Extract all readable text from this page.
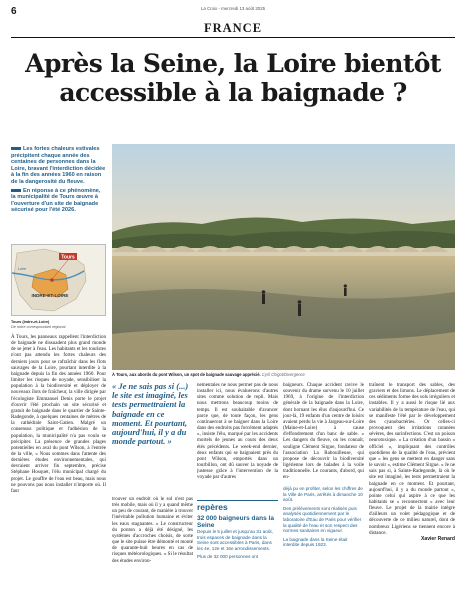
6	La Croix - mercredi 13 août 2025
FRANCE
Après la Seine, la Loire bientôt accessible à la baignade ?

Les fortes chaleurs estivales précipitent chaque année des centaines de personnes dans la Loire, bravant l'interdiction décidée à la fin des années 1960 en raison de la dangerosité du fleuve.

En réponse à ce phénomène, la municipalité de Tours œuvre à l'ouverture d'un site de baignade sécurisé pour l'été 2026.

Tours
INDRE-ET-LOIRE
Loire
Tours (Indre-et-Loire)
De notre correspondant régional
À Tours, aux abords du pont Wilson, un spot de baignade sauvage apprécié. Cyril Chigot/Divergence

À Tours, les panneaux rappellent l'interdiction de baignade ne dissuadent plus grand monde de se jeter à l'eau. Les habitants et les touristes n'ont pas attendu les fortes chaleurs des derniers jours pour se rafraîchir dans les flots sauvages de la Loire, pourtant interdite à la baignade depuis la fin des années 1960. Pour limiter les risques de noyade, sensibiliser la population à la biodiversité et déployer de nouveaux îlots de fraîcheur, la ville dirigée par l'écologiste Emmanuel Denis porte le projet d'ouvrir l'été prochain un site sécurisé et gratuit de baignade dans le quartier de Sainte-Radegonde, à quelques centaines de mètres de la cathédrale Saint-Gatien. Malgré un consensus politique et l'adhésion de la population, la municipalité n'a pas voulu se précipiter. La présence de grandes plages potentielles en aval du pont Wilson, à l'entrée de la ville, « Nous sommes dans l'attente des dernières études environnementales, qui devraient arriver fin septembre, précise Stéphane Hosquet, l'élu municipal chargé du projet. Le gouffre de l'eau est beau, mais nous ne pouvons pas nous installer n'importe où. Il faut

« Je ne sais pas si (...) le site est imaginé, les tests permettraient la baignade en ce moment. Et pourtant, aujourd'hui, il y a du monde partout. »

trouver un endroit où le sol n'est pas très mobile, mais où il y a quand même un peu de courant, de manière à trouver l'inévitable pollution humaine et éviter les eaux stagnantes. » Le constructeur du ponton a déjà été désigné, les systèmes d'accroches choisis, de sorte que le site puisse être démonté et monté de quarante-huit heures en cas de risques météorologiques. « Si le résultat des études environ-

nementales ne nous permet pas de nous installer ici, nous évaluerons d'autres sites comme solution de repli. Mais nous mettrons beaucoup moins de temps. Il est souhaitable d'avancer parce que, de toute façon, les gens continueront à se baigner dans la Loire dans des endroits pas forcément adaptés », insiste l'élu, marqué par les accidents mortels de jeunes au cours des deux étés précédents. Le week-end dernier, deux enfants qui se baignaient près du pont Wilson, emportés dans un tourbillon, ont dû sauver la noyade de justesse grâce à l'intervention de la voyade par d'autres

repères
32 000 baigneurs dans la Seine
Depuis le 5 juillet et jusqu'au 31 août, trois espaces de baignade dans la Seine sont accessibles à Paris, dans les 4e, 12e et 16e arrondissements.
Plus de 32 000 personnes ont

baigneurs. Chaque accident ravive le souvenir du drame survenu le 10 juillet 1969, à l'origine de l'interdiction générale de la baignade dans la Loire, dont bornant les élus d'aujourd'hui. Ce jour-là, 19 enfants d'un centre de loisirs avaient perdu la vie à Jargeau-sur-Loire (Maine-et-Loire) à cause d'effondrement d'un banc de sable. « Les dangers du fleuve, on les connaît, souligne Clément Sirgue, fondateur de l'association La Rabouilleuse, qui propose de découvrir la biodiversité ligérienne lors de balades à la voile traditionnelle. Le courants, d'abord, qui en-

déjà pu en profiter, selon les chiffres de la Ville de Paris, arrêtés à dimanche 10 août.
Des prélèvements sont réalisés puis analysés quotidiennement par le laboratoire d'Eau de Paris pour vérifier la qualité de l'eau et son respect des normes sanitaires en vigueur.
La baignade dans la Seine était interdite depuis 1923.

traînent le transport des sables, des graviers et des limons. Le déplacement de ces sédiments forme des sols irréguliers et instables. Il y a aussi le risque lié aux variabilités de la température de l'eau, qui se manifeste l'été par le développement des cyanobactéries. Or celles-ci provoquent des irritations cutanées sévères, des surinfections. C'est un poison neurotoxique. » La création d'un bassin « officiel », impliquant des contrôles quotidiens de la qualité de l'eau, prévient que « les gens se mettent en danger sans le savoir », estime Clément Sirgue. « Je ne sais pas si, à Sainte-Radegonde, là où le site est imaginé, les tests permettraient la baignade en ce moment. Et pourtant, aujourd'hui, il y a du monde partout », pointe celui qui aspire à ce que les habitants se « reconnectent » avec leur fleuve. Le projet de la mairie intègre d'ailleurs un volet pédagogique et de découverte de ce milieu naturel, dont de nombreux Ligériens se tiennent encore à distance.

Xavier Renard
